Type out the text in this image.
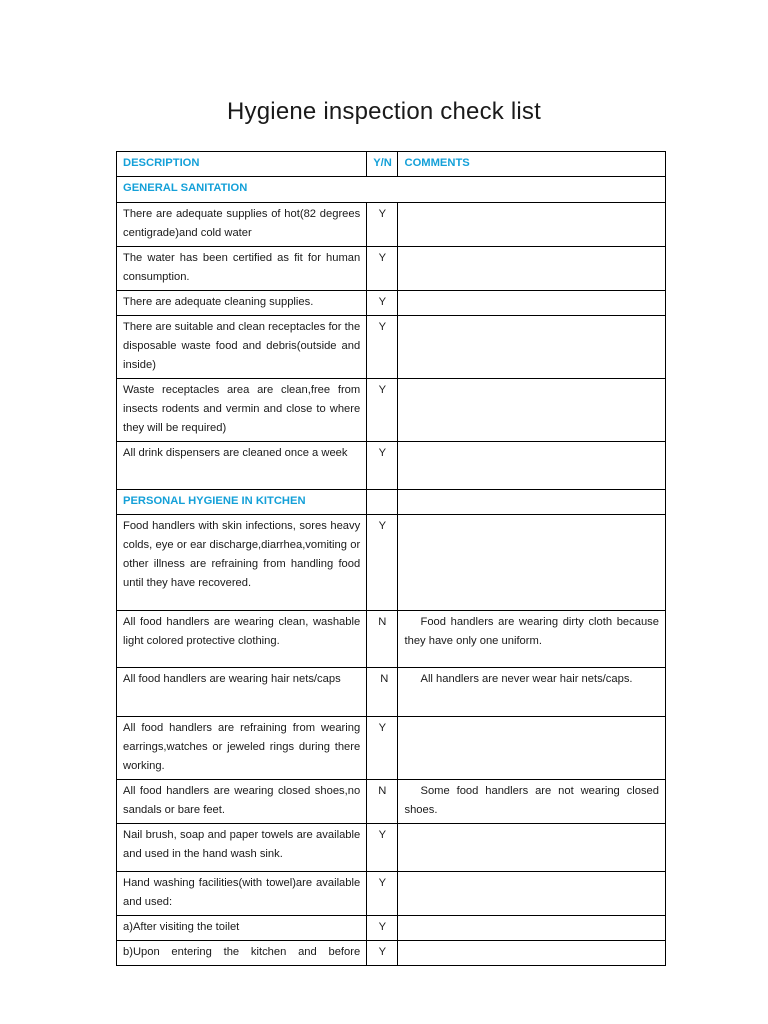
Hygiene inspection check list
DESCRIPTION	Y/N	COMMENTS
GENERAL SANITATION		
There are adequate supplies of hot(82 degrees centigrade)and cold water	Y	
The water has been certified as fit for human consumption.	Y	
There are adequate cleaning supplies.	Y	
There are suitable and clean receptacles for the disposable waste food and debris(outside and inside)	Y	
Waste receptacles area are clean,free from insects rodents and vermin and close to where they will be required)	Y	
All drink dispensers are cleaned once a week	Y	
PERSONAL HYGIENE IN KITCHEN		
Food handlers with skin infections, sores heavy colds, eye or ear discharge,diarrhea,vomiting or other illness are refraining from handling food until they have recovered.	Y	
All food handlers are wearing clean, washable light colored protective clothing.	N	Food handlers are wearing dirty cloth because they have only one uniform.
All food handlers are wearing hair nets/caps	N	All handlers are never wear hair nets/caps.
All food handlers are refraining from wearing earrings,watches or jeweled rings during there working.	Y	
All food handlers are wearing closed shoes,no sandals or bare feet.	N	Some food handlers are not wearing closed shoes.
Nail brush, soap and paper towels are available and used in the hand wash sink.	Y	
Hand washing facilities(with towel)are available and used:	Y	
a)After visiting the toilet	Y	
b)Upon entering the kitchen and before	Y	
